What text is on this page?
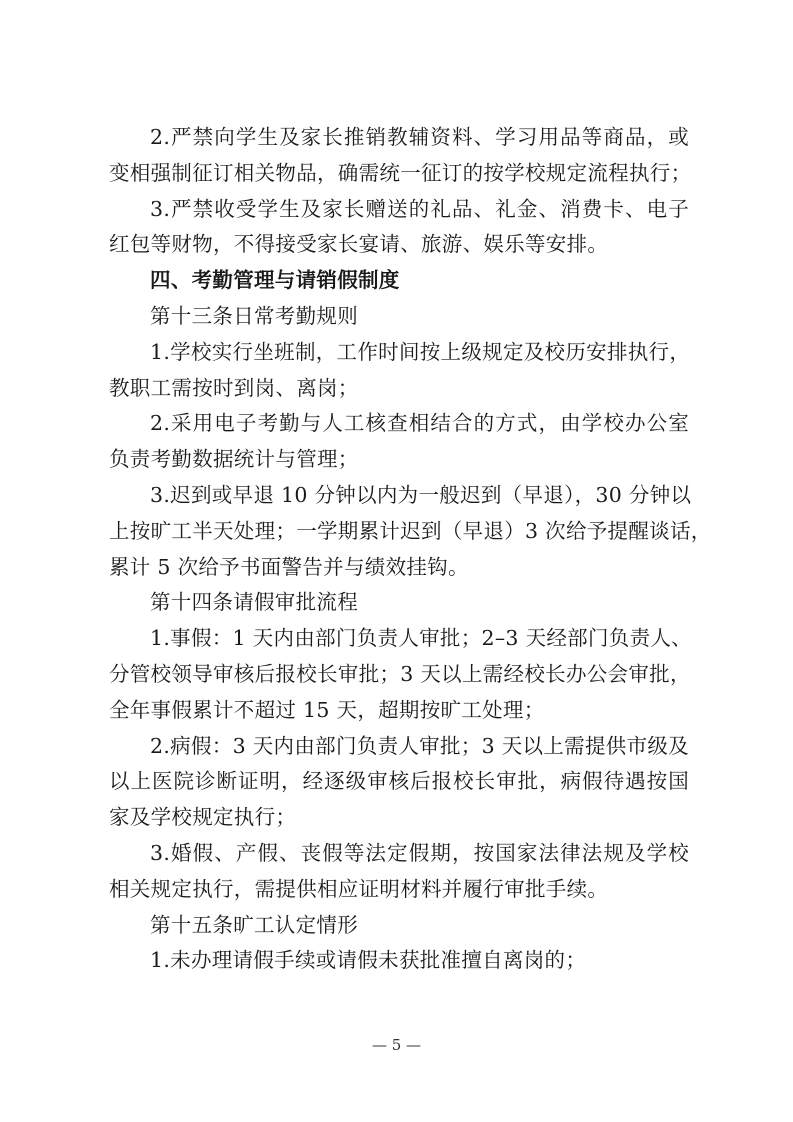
2.严禁向学生及家长推销教辅资料、学习用品等商品，或
变相强制征订相关物品，确需统一征订的按学校规定流程执行；
3.严禁收受学生及家长赠送的礼品、礼金、消费卡、电子
红包等财物，不得接受家长宴请、旅游、娱乐等安排。
四、考勤管理与请销假制度
第十三条日常考勤规则
1.学校实行坐班制，工作时间按上级规定及校历安排执行，
教职工需按时到岗、离岗；
2.采用电子考勤与人工核查相结合的方式，由学校办公室
负责考勤数据统计与管理；
3.迟到或早退 10 分钟以内为一般迟到（早退），30 分钟以
上按旷工半天处理；一学期累计迟到（早退）3 次给予提醒谈话，
累计 5 次给予书面警告并与绩效挂钩。
第十四条请假审批流程
1.事假：1 天内由部门负责人审批；2–3 天经部门负责人、
分管校领导审核后报校长审批；3 天以上需经校长办公会审批，
全年事假累计不超过 15 天，超期按旷工处理；
2.病假：3 天内由部门负责人审批；3 天以上需提供市级及
以上医院诊断证明，经逐级审核后报校长审批，病假待遇按国
家及学校规定执行；
3.婚假、产假、丧假等法定假期，按国家法律法规及学校
相关规定执行，需提供相应证明材料并履行审批手续。
第十五条旷工认定情形
1.未办理请假手续或请假未获批准擅自离岗的；
— 5 —
